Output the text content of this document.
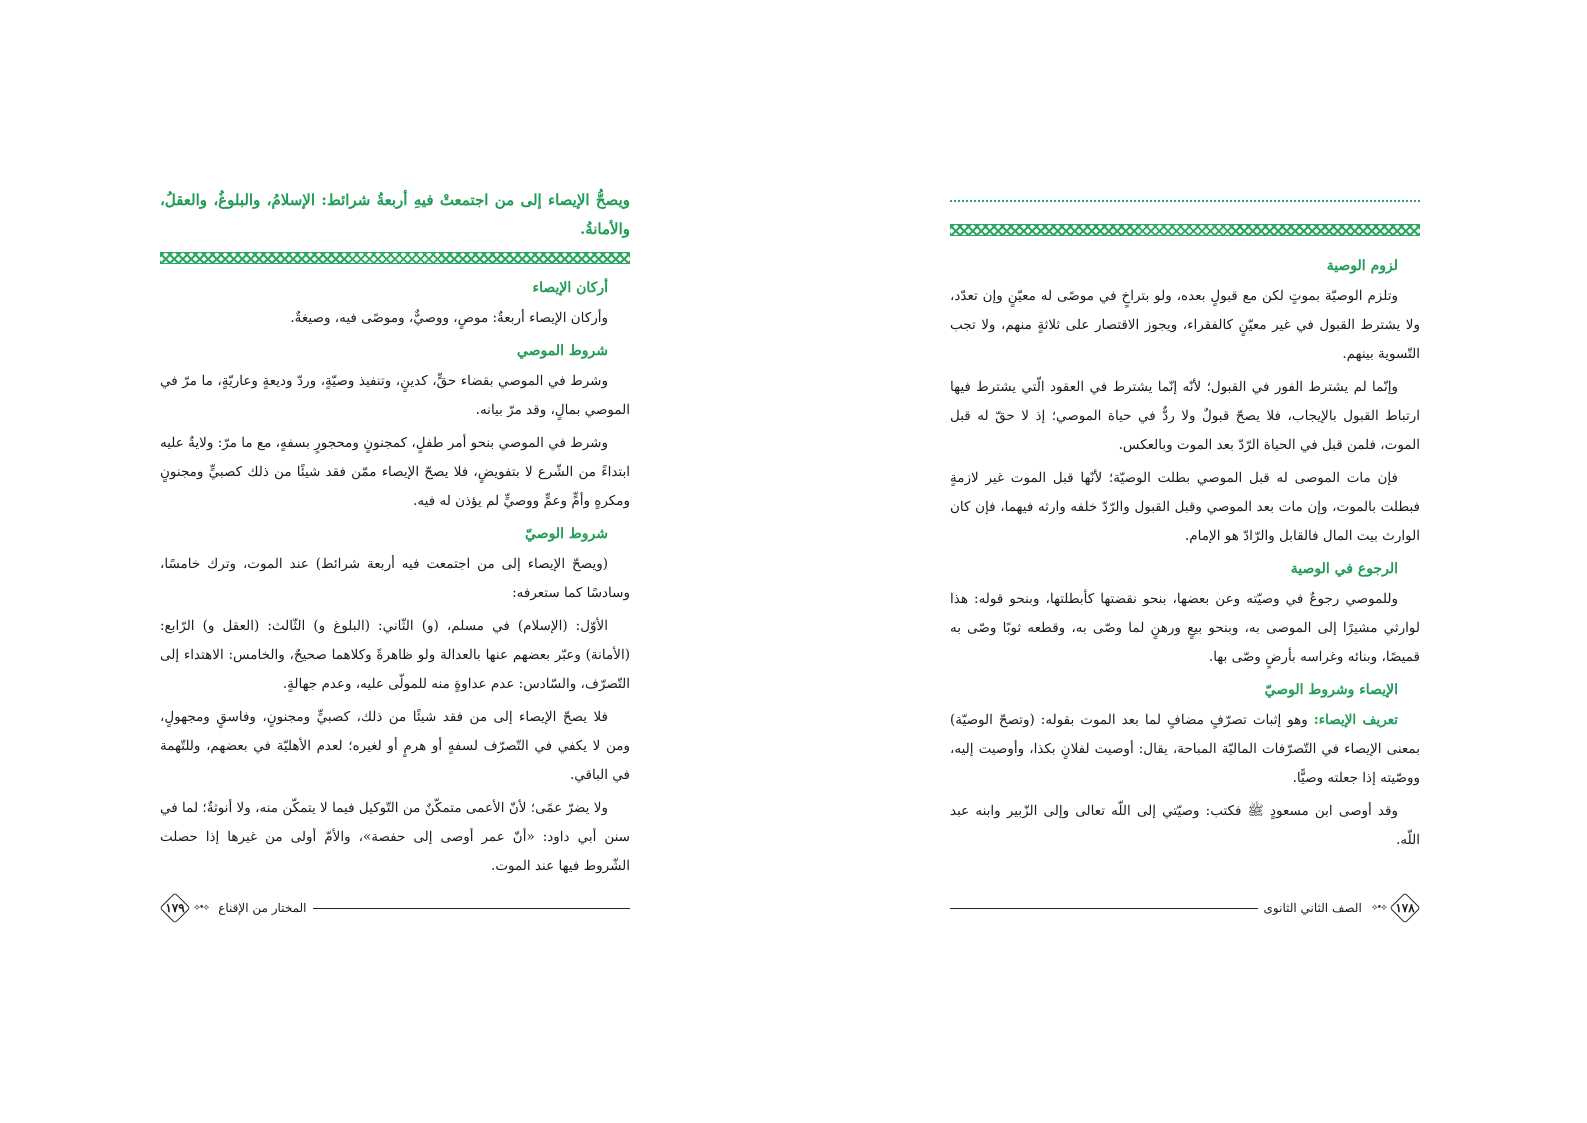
ويصحُّ الإيصاء إلى من اجتمعتْ فيهِ أربعةُ شرائط: الإسلامُ، والبلوغُ، والعقلُ، والأمانةُ.
أركان الإيصاء

وأركان الإيصاء أربعةٌ: موصٍ، ووصيٌّ، وموصًى فيه، وصيغةٌ.

شروط الموصي

وشرط في الموصي بقضاء حقٍّ، كدينٍ، وتنفيذ وصيّةٍ، وردّ وديعةٍ وعاريّةٍ، ما مرّ في الموصي بمالٍ، وقد مرّ بيانه.

وشرط في الموصي بنحو أمر طفلٍ، كمجنونٍ ومحجورٍ بسفهٍ، مع ما مرّ: ولايةٌ عليه ابتداءً من الشّرع لا بتفويضٍ، فلا يصحّ الإيصاء ممّن فقد شيئًا من ذلك كصبيٍّ ومجنونٍ ومكرهٍ وأمٍّ وعمٍّ ووصيٍّ لم يؤذن له فيه.

شروط الوصيّ

(ويصحّ الإيصاء إلى من اجتمعت فيه أربعة شرائط) عند الموت، وترك خامسًا، وسادسًا كما ستعرفه:

الأوّل: (الإسلام) في مسلم، (و) الثّاني: (البلوغ و) الثّالث: (العقل و) الرّابع: (الأمانة) وعبّر بعضهم عنها بالعدالة ولو ظاهرةً وكلاهما صحيحٌ، والخامس: الاهتداء إلى التّصرّف، والسّادس: عدم عداوةٍ منه للمولّى عليه، وعدم جهالةٍ.

فلا يصحّ الإيصاء إلى من فقد شيئًا من ذلك، كصبيٍّ ومجنونٍ، وفاسقٍ ومجهولٍ، ومن لا يكفي في التّصرّف لسفهٍ أو هرمٍ أو لغيره؛ لعدم الأهليّة في بعضهم، وللتّهمة في الباقي.

ولا يضرّ عمًى؛ لأنّ الأعمى متمكّنٌ من التّوكيل فيما لا يتمكّن منه، ولا أنوثةٌ؛ لما في سنن أبي داود: «أنّ عمر أوصى إلى حفصة»، والأمّ أولى من غيرها إذا حصلت الشّروط فيها عند الموت.

المختار من الإقناع
⟡•⟡
١٧٩
لزوم الوصية

وتلزم الوصيّة بموتٍ لكن مع قبولٍ بعده، ولو بتراخٍ في موصًى له معيّنٍ وإن تعدّد، ولا يشترط القبول في غير معيّنٍ كالفقراء، ويجوز الاقتصار على ثلاثةٍ منهم، ولا تجب التّسوية بينهم.

وإنّما لم يشترط الفور في القبول؛ لأنّه إنّما يشترط في العقود الّتي يشترط فيها ارتباط القبول بالإيجاب، فلا يصحّ قبولٌ ولا ردٌّ في حياة الموصي؛ إذ لا حقّ له قبل الموت، فلمن قبل في الحياة الرّدّ بعد الموت وبالعكس.

فإن مات الموصى له قبل الموصي بطلت الوصيّة؛ لأنّها قبل الموت غير لازمةٍ فبطلت بالموت، وإن مات بعد الموصي وقبل القبول والرّدّ خلفه وارثه فيهما، فإن كان الوارث بيت المال فالقابل والرّادّ هو الإمام.

الرجوع في الوصية

وللموصي رجوعٌ في وصيّته وعن بعضها، بنحو نقضتها كأبطلتها، وبنحو قوله: هذا لوارثي مشيرًا إلى الموصى به، وبنحو بيعٍ ورهنٍ لما وصّى به، وقطعه ثوبًا وصّى به قميصًا، وبنائه وغراسه بأرضٍ وصّى بها.

الإيصاء وشروط الوصيّ

تعريف الإيصاء: وهو إثبات تصرّفٍ مضافٍ لما بعد الموت بقوله: (وتصحّ الوصيّة) بمعنى الإيصاء في التّصرّفات الماليّة المباحة، يقال: أوصيت لفلانٍ بكذا، وأوصيت إليه، ووصّيته إذا جعلته وصيًّا.

وقد أوصى ابن مسعودٍ ﷺ فكتب: وصيّتي إلى اللّه تعالى وإلى الزّبير وابنه عبد اللّه.

١٧٨
⟡•⟡
الصف الثاني الثانوى
